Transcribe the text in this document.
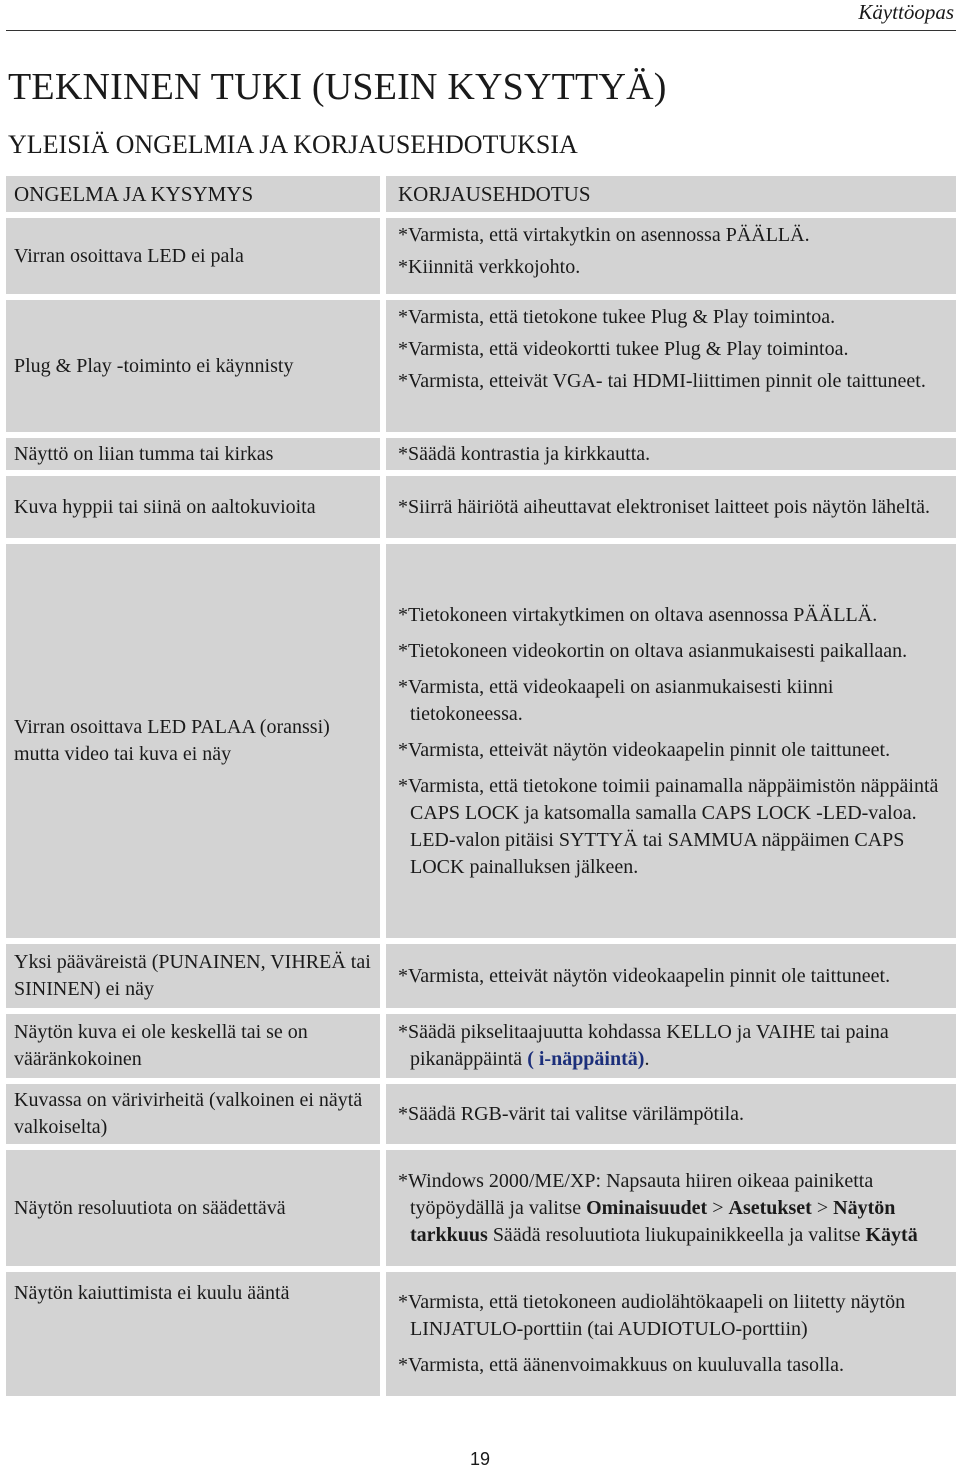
Käyttöopas
TEKNINEN TUKI (USEIN KYSYTTYÄ)
YLEISIÄ ONGELMIA JA KORJAUSEHDOTUKSIA
ONGELMA JA KYSYMYS	KORJAUSEHDOTUS
Virran osoittava LED ei pala
*Varmista, että virtakytkin on asennossa PÄÄLLÄ.
*Kiinnitä verkkojohto.
Plug & Play -toiminto ei käynnisty
*Varmista, että tietokone tukee Plug & Play toimintoa.
*Varmista, että videokortti tukee Plug & Play toimintoa.
*Varmista, etteivät VGA- tai HDMI-liittimen pinnit ole taittuneet.
Näyttö on liian tumma tai kirkas	*Säädä kontrastia ja kirkkautta.
Kuva hyppii tai siinä on aaltokuvioita	*Siirrä häiriötä aiheuttavat elektroniset laitteet pois näytön läheltä.
Virran osoittava LED PALAA (oranssi) mutta video tai kuva ei näy
*Tietokoneen virtakytkimen on oltava asennossa PÄÄLLÄ.
*Tietokoneen videokortin on oltava asianmukaisesti paikallaan.
*Varmista, että videokaapeli on asianmukaisesti kiinni tietokoneessa.
*Varmista, etteivät näytön videokaapelin pinnit ole taittuneet.
*Varmista, että tietokone toimii painamalla näppäimistön näppäintä CAPS LOCK ja katsomalla samalla CAPS LOCK -LED-valoa. LED-valon pitäisi SYTTYÄ tai SAMMUA näppäimen CAPS LOCK painalluksen jälkeen.
Yksi pääväreistä (PUNAINEN, VIHREÄ tai SININEN) ei näy
*Varmista, etteivät näytön videokaapelin pinnit ole taittuneet.
Näytön kuva ei ole keskellä tai se on vääränkokoinen
*Säädä pikselitaajuutta kohdassa KELLO ja VAIHE tai paina pikanäppäintä ( i-näppäintä).
Kuvassa on värivirheitä (valkoinen ei näytä valkoiselta)
*Säädä RGB-värit tai valitse värilämpötila.
Näytön resoluutiota on säädettävä
*Windows 2000/ME/XP: Napsauta hiiren oikeaa painiketta työpöydällä ja valitse Ominaisuudet > Asetukset > Näytön tarkkuus Säädä resoluutiota liukupainikkeella ja valitse Käytä
Näytön kaiuttimista ei kuulu ääntä	*Varmista, että tietokoneen audiolähtökaapeli on liitetty näytön LINJATULO-porttiin (tai AUDIOTULO-porttiin)
*Varmista, että äänenvoimakkuus on kuuluvalla tasolla.
19
